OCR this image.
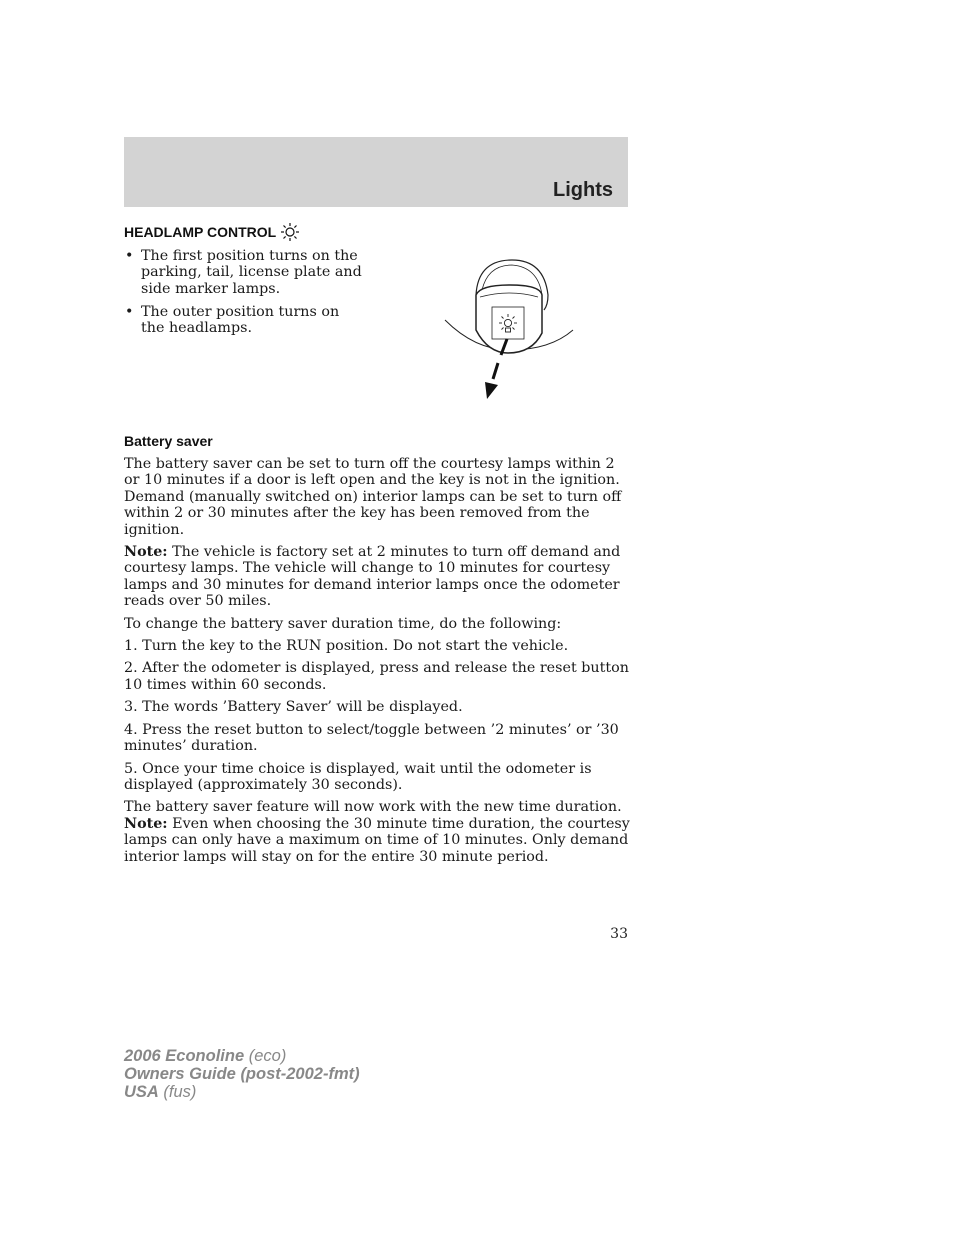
Lights
HEADLAMP CONTROL
• The first position turns on the parking, tail, license plate and side marker lamps.
• The outer position turns on the headlamps.
Battery saver

The battery saver can be set to turn off the courtesy lamps within 2 or 10 minutes if a door is left open and the key is not in the ignition. Demand (manually switched on) interior lamps can be set to turn off within 2 or 30 minutes after the key has been removed from the ignition.

Note: The vehicle is factory set at 2 minutes to turn off demand and courtesy lamps. The vehicle will change to 10 minutes for courtesy lamps and 30 minutes for demand interior lamps once the odometer reads over 50 miles.

To change the battery saver duration time, do the following:

1. Turn the key to the RUN position. Do not start the vehicle.

2. After the odometer is displayed, press and release the reset button 10 times within 60 seconds.

3. The words ’Battery Saver’ will be displayed.

4. Press the reset button to select/toggle between ’2 minutes’ or ’30 minutes’ duration.

5. Once your time choice is displayed, wait until the odometer is displayed (approximately 30 seconds).

The battery saver feature will now work with the new time duration.
Note: Even when choosing the 30 minute time duration, the courtesy lamps can only have a maximum on time of 10 minutes. Only demand interior lamps will stay on for the entire 30 minute period.

33
2006 Econoline (eco)
Owners Guide (post-2002-fmt)
USA (fus)
